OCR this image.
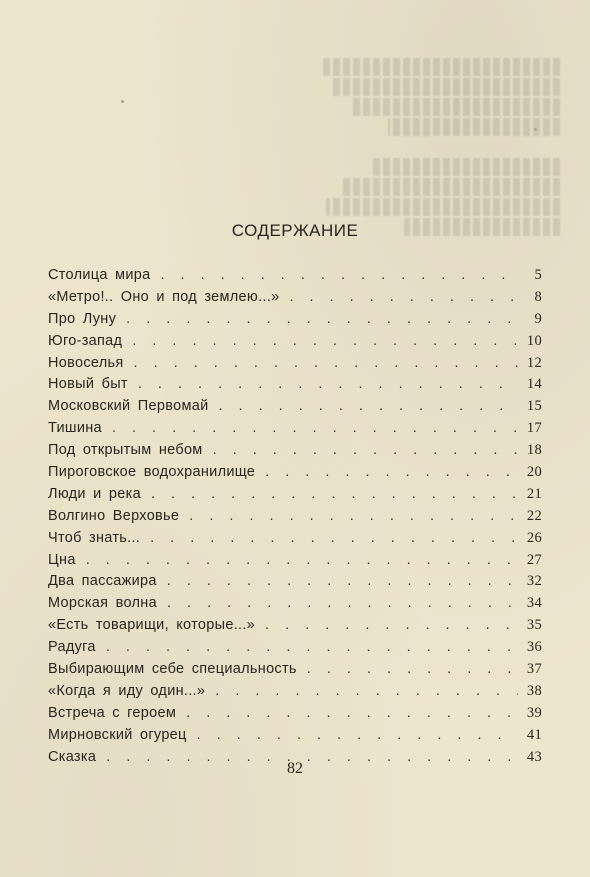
СОДЕРЖАНИЕ
Столица мира . . .	5
«Метро!.. Оно и под землею...» . . .	8
Про Луну . . .	9
Юго-запад . . .	10
Новоселья . . .	12
Новый быт . . .	14
Московский Первомай . . .	15
Тишина . . .	17
Под открытым небом . . .	18
Пироговское водохранилище . . .	20
Люди и река . . .	21
Волгино Верховье . . .	22
Чтоб знать... . . .	26
Цна . . .	27
Два пассажира . . .	32
Морская волна . . .	34
«Есть товарищи, которые...» . . .	35
Радуга . . .	36
Выбирающим себе специальность . . .	37
«Когда я иду один...» . . .	38
Встреча с героем . . .	39
Мирновский огурец . . .	41
Сказка . . .	43
82
